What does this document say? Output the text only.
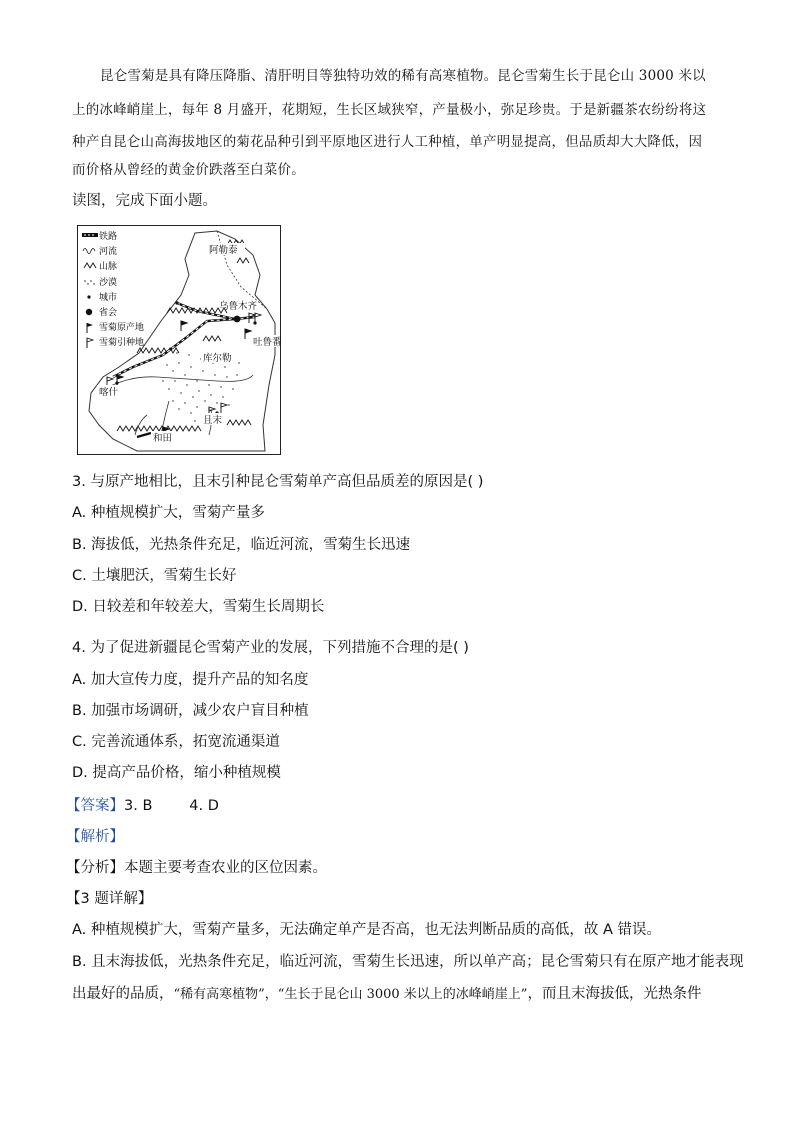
昆仑雪菊是具有降压降脂、清肝明目等独特功效的稀有高寒植物。昆仑雪菊生长于昆仑山 3000 米以
上的冰峰峭崖上，每年 8 月盛开，花期短，生长区域狭窄，产量极小，弥足珍贵。于是新疆茶农纷纷将这
种产自昆仑山高海拔地区的菊花品种引到平原地区进行人工种植，单产明显提高，但品质却大大降低，因
而价格从曾经的黄金价跌落至白菜价。
读图，完成下面小题。
铁路
河流
山脉
沙漠
城市
省会
雪菊原产地
雪菊引种地
阿勒泰
乌鲁木齐
吐鲁番
库尔勒
喀什
且末
和田
3. 与原产地相比，且末引种昆仑雪菊单产高但品质差的原因是( )
A. 种植规模扩大，雪菊产量多
B. 海拔低，光热条件充足，临近河流，雪菊生长迅速
C. 土壤肥沃，雪菊生长好
D. 日较差和年较差大，雪菊生长周期长
4. 为了促进新疆昆仑雪菊产业的发展，下列措施不合理的是( )
A. 加大宣传力度，提升产品的知名度
B. 加强市场调研，减少农户盲目种植
C. 完善流通体系，拓宽流通渠道
D. 提高产品价格，缩小种植规模
【答案】3. B        4. D
【解析】
【分析】本题主要考查农业的区位因素。
【3 题详解】
A. 种植规模扩大，雪菊产量多，无法确定单产是否高，也无法判断品质的高低，故 A 错误。
B. 且末海拔低，光热条件充足，临近河流，雪菊生长迅速，所以单产高；昆仑雪菊只有在原产地才能表现
出最好的品质，“稀有高寒植物”，“生长于昆仑山 3000 米以上的冰峰峭崖上”，而且末海拔低，光热条件
